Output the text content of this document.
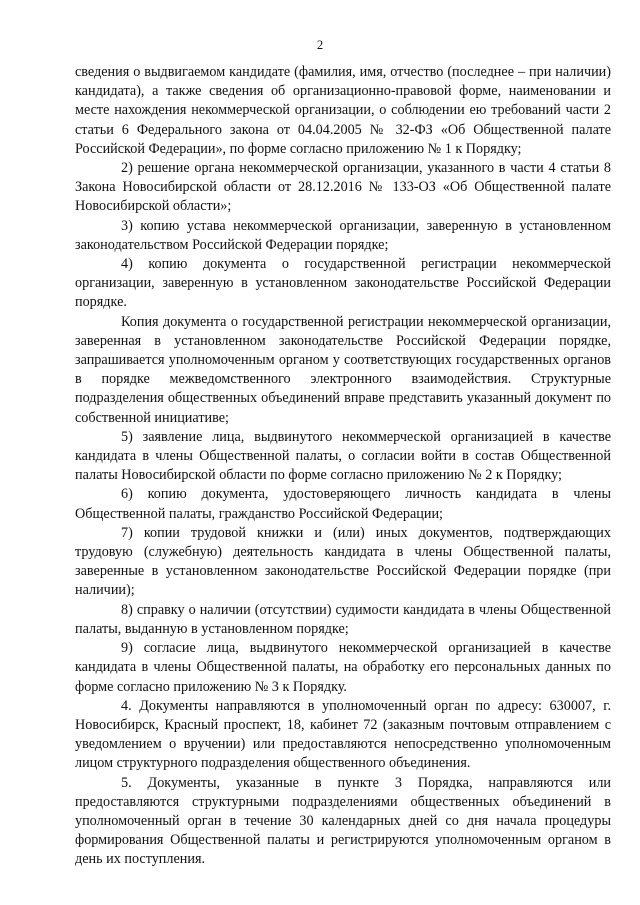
2

сведения о выдвигаемом кандидате (фамилия, имя, отчество (последнее – при наличии) кандидата), а также сведения об организационно-правовой форме, наименовании и месте нахождения некоммерческой организации, о соблюдении ею требований части 2 статьи 6 Федерального закона от 04.04.2005 № 32-ФЗ «Об Общественной палате Российской Федерации», по форме согласно приложению № 1 к Порядку;

2) решение органа некоммерческой организации, указанного в части 4 статьи 8 Закона Новосибирской области от 28.12.2016 № 133-ОЗ «Об Общественной палате Новосибирской области»;

3) копию устава некоммерческой организации, заверенную в установленном законодательством Российской Федерации порядке;

4) копию документа о государственной регистрации некоммерческой организации, заверенную в установленном законодательстве Российской Федерации порядке.

Копия документа о государственной регистрации некоммерческой организации, заверенная в установленном законодательстве Российской Федерации порядке, запрашивается уполномоченным органом у соответствующих государственных органов в порядке межведомственного электронного взаимодействия. Структурные подразделения общественных объединений вправе представить указанный документ по собственной инициативе;

5) заявление лица, выдвинутого некоммерческой организацией в качестве кандидата в члены Общественной палаты, о согласии войти в состав Общественной палаты Новосибирской области по форме согласно приложению № 2 к Порядку;

6) копию документа, удостоверяющего личность кандидата в члены Общественной палаты, гражданство Российской Федерации;

7) копии трудовой книжки и (или) иных документов, подтверждающих трудовую (служебную) деятельность кандидата в члены Общественной палаты, заверенные в установленном законодательстве Российской Федерации порядке (при наличии);

8) справку о наличии (отсутствии) судимости кандидата в члены Общественной палаты, выданную в установленном порядке;

9) согласие лица, выдвинутого некоммерческой организацией в качестве кандидата в члены Общественной палаты, на обработку его персональных данных по форме согласно приложению № 3 к Порядку.

4. Документы направляются в уполномоченный орган по адресу: 630007, г. Новосибирск, Красный проспект, 18, кабинет 72 (заказным почтовым отправлением с уведомлением о вручении) или предоставляются непосредственно уполномоченным лицом структурного подразделения общественного объединения.

5. Документы, указанные в пункте 3 Порядка, направляются или предоставляются структурными подразделениями общественных объединений в уполномоченный орган в течение 30 календарных дней со дня начала процедуры формирования Общественной палаты и регистрируются уполномоченным органом в день их поступления.
